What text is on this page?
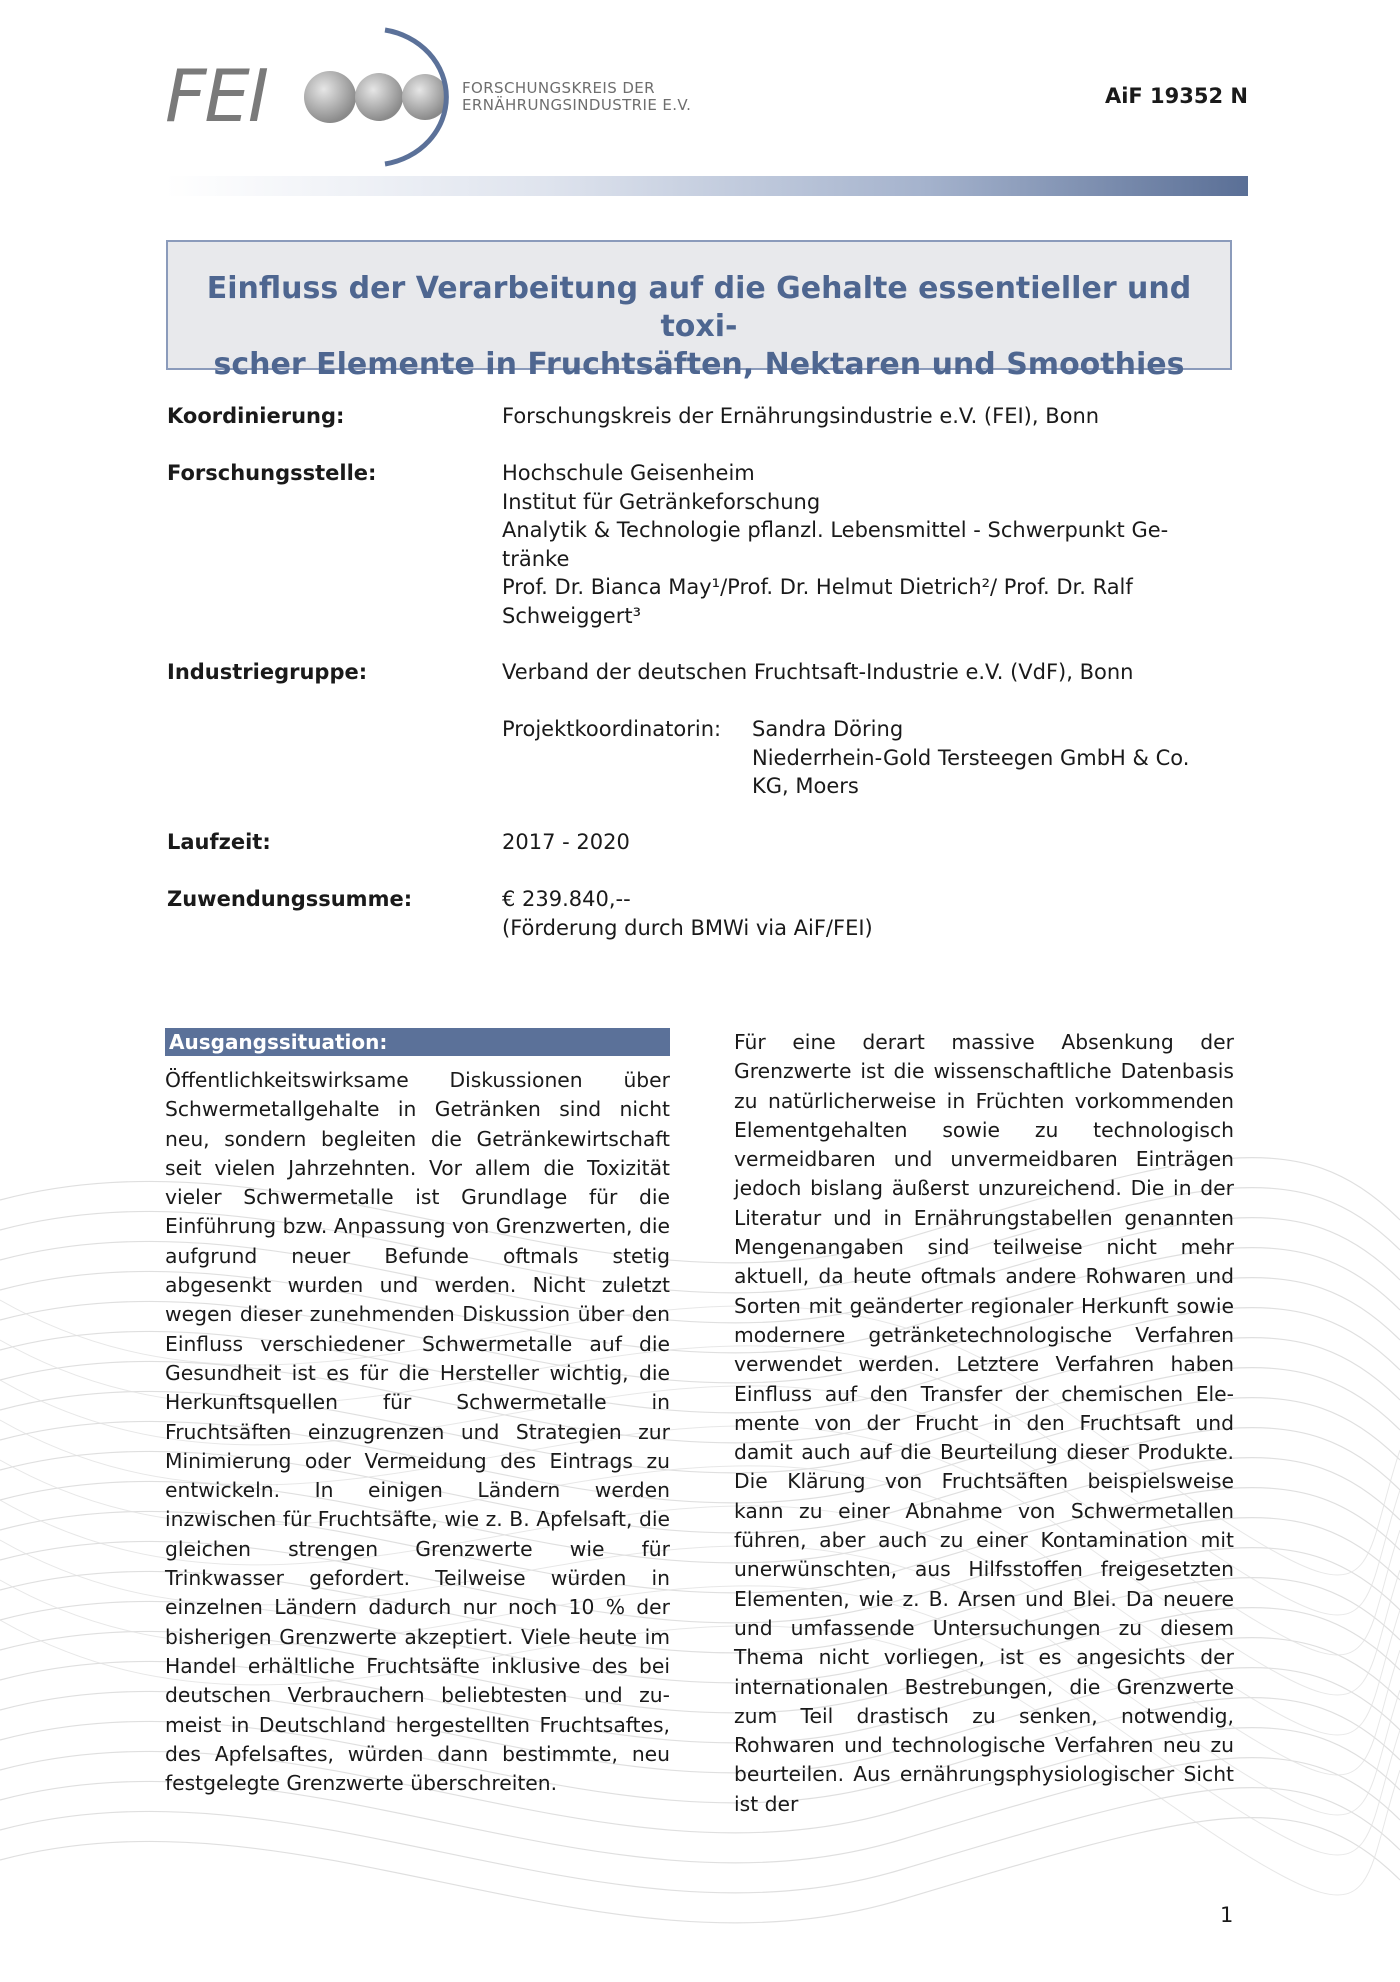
FEI	FORSCHUNGSKREIS DER
ERNÄHRUNGSINDUSTRIE E.V.	AiF 19352 N
Einfluss der Verarbeitung auf die Gehalte essentieller und toxi-
scher Elemente in Fruchtsäften, Nektaren und Smoothies
Koordinierung:	Forschungskreis der Ernährungsindustrie e.V. (FEI), Bonn
Forschungsstelle:	Hochschule Geisenheim
Institut für Getränkeforschung
Analytik & Technologie pflanzl. Lebensmittel - Schwerpunkt Ge-
tränke
Prof. Dr. Bianca May¹/Prof. Dr. Helmut Dietrich²/ Prof. Dr. Ralf
Schweiggert³
Industriegruppe:	Verband der deutschen Fruchtsaft-Industrie e.V. (VdF), Bonn
Projektkoordinatorin:	Sandra Döring
Niederrhein-Gold Tersteegen GmbH & Co.
KG, Moers
Laufzeit:	2017 - 2020
Zuwendungssumme:	€ 239.840,--
(Förderung durch BMWi via AiF/FEI)
Ausgangssituation:
Öffentlichkeitswirksame Diskussionen über Schwermetallgehalte in Getränken sind nicht neu, sondern begleiten die Getränkewirtschaft seit vielen Jahrzehnten. Vor allem die Toxizität vieler Schwermetalle ist Grundlage für die Einführung bzw. Anpassung von Grenzwerten, die aufgrund neuer Befunde oftmals stetig abgesenkt wurden und werden. Nicht zuletzt wegen dieser zunehmenden Diskussion über den Einfluss verschiedener Schwermetalle auf die Gesundheit ist es für die Hersteller wichtig, die Herkunftsquellen für Schwermetalle in Fruchtsäften einzugrenzen und Strategien zur Minimierung oder Vermeidung des Eintrags zu entwickeln. In einigen Ländern werden inzwischen für Fruchtsäfte, wie z. B. Apfelsaft, die gleichen strengen Grenzwerte wie für Trinkwasser gefordert. Teilweise würden in einzelnen Ländern dadurch nur noch 10 % der bisherigen Grenzwerte akzeptiert. Viele heute im Handel erhältliche Fruchtsäfte inklusive des bei deutschen Verbrauchern beliebtesten und zumeist in Deutschland hergestellten Fruchtsaftes, des Apfelsaftes, würden dann bestimmte, neu festgelegte Grenzwerte überschreiten.
Für eine derart massive Absenkung der Grenzwerte ist die wissenschaftliche Datenbasis zu natürlicherweise in Früchten vorkommenden Elementgehalten sowie zu technologisch vermeidbaren und unvermeidbaren Einträgen jedoch bislang äußerst unzureichend. Die in der Literatur und in Ernährungstabellen genannten Mengenangaben sind teilweise nicht mehr aktuell, da heute oftmals andere Rohwaren und Sorten mit geänderter regionaler Herkunft sowie modernere getränketechnologische Verfahren verwendet werden. Letztere Verfahren haben Einfluss auf den Transfer der chemischen Elemente von der Frucht in den Fruchtsaft und damit auch auf die Beurteilung dieser Produkte. Die Klärung von Fruchtsäften beispielsweise kann zu einer Abnahme von Schwermetallen führen, aber auch zu einer Kontamination mit unerwünschten, aus Hilfsstoffen freigesetzten Elementen, wie z. B. Arsen und Blei. Da neuere und umfassende Untersuchungen zu diesem Thema nicht vorliegen, ist es angesichts der internationalen Bestrebungen, die Grenzwerte zum Teil drastisch zu senken, notwendig, Rohwaren und technologische Verfahren neu zu beurteilen. Aus ernährungsphysiologischer Sicht ist der
1
